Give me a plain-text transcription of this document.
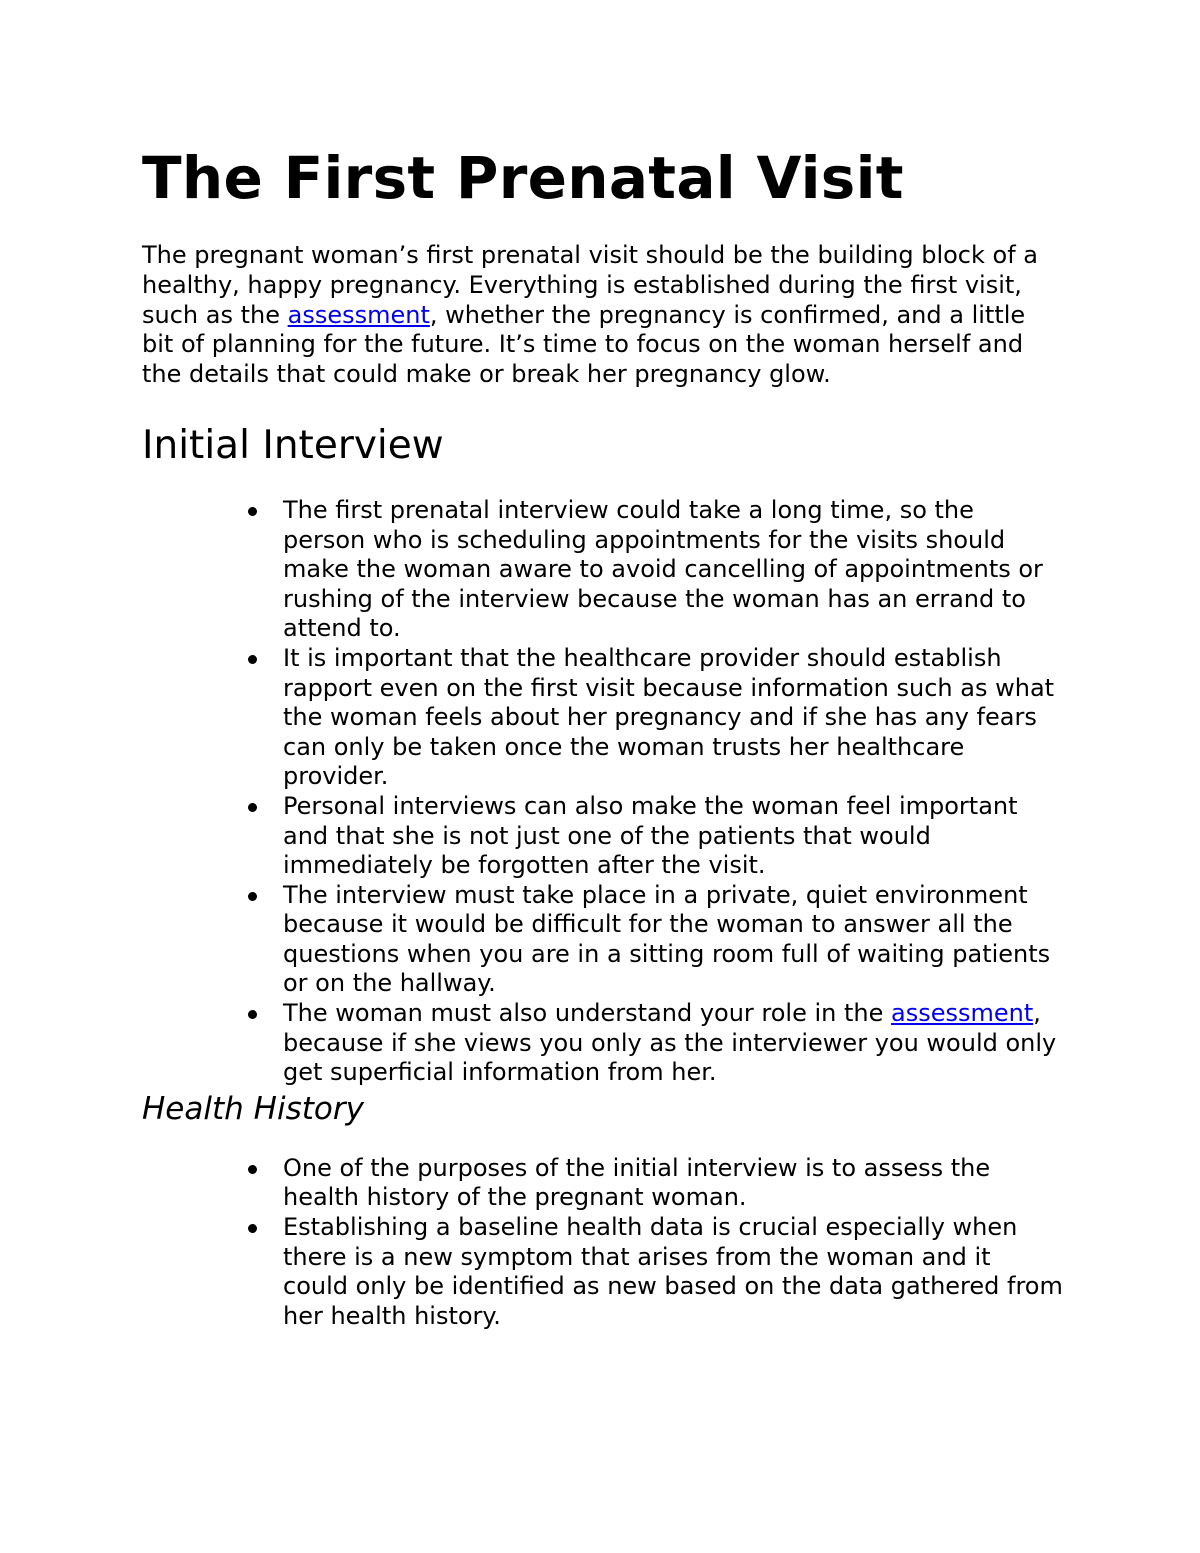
The First Prenatal Visit

The pregnant woman’s first prenatal visit should be the building block of a healthy, happy pregnancy. Everything is established during the first visit, such as the assessment, whether the pregnancy is confirmed, and a little bit of planning for the future. It’s time to focus on the woman herself and the details that could make or break her pregnancy glow.

Initial Interview
The first prenatal interview could take a long time, so the person who is scheduling appointments for the visits should make the woman aware to avoid cancelling of appointments or rushing of the interview because the woman has an errand to attend to.
It is important that the healthcare provider should establish rapport even on the first visit because information such as what the woman feels about her pregnancy and if she has any fears can only be taken once the woman trusts her healthcare provider.
Personal interviews can also make the woman feel important and that she is not just one of the patients that would immediately be forgotten after the visit.
The interview must take place in a private, quiet environment because it would be difficult for the woman to answer all the questions when you are in a sitting room full of waiting patients or on the hallway.
The woman must also understand your role in the assessment, because if she views you only as the interviewer you would only get superficial information from her.
Health History
One of the purposes of the initial interview is to assess the health history of the pregnant woman.
Establishing a baseline health data is crucial especially when there is a new symptom that arises from the woman and it could only be identified as new based on the data gathered from her health history.
